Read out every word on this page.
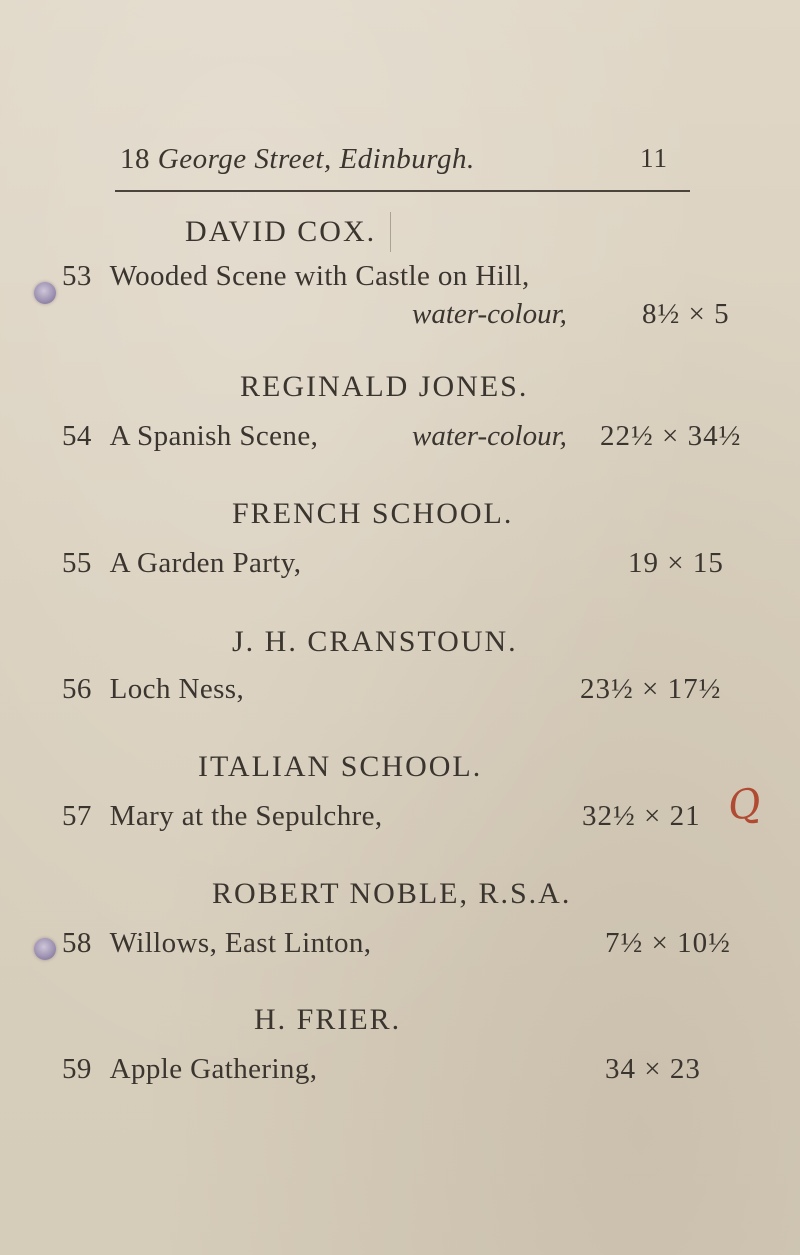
18 George Street, Edinburgh.	11
DAVID COX.
53 Wooded Scene with Castle on Hill,
water-colour,	8½ × 5
REGINALD JONES.
54 A Spanish Scene,	water-colour, 22½ × 34½
FRENCH SCHOOL.
55 A Garden Party,	19 × 15
J. H. CRANSTOUN.
56 Loch Ness,	23½ × 17½
ITALIAN SCHOOL.
57 Mary at the Sepulchre,	32½ × 21 Q
ROBERT NOBLE, R.S.A.
58 Willows, East Linton,	7½ × 10½
H. FRIER.
59 Apple Gathering,	34 × 23
